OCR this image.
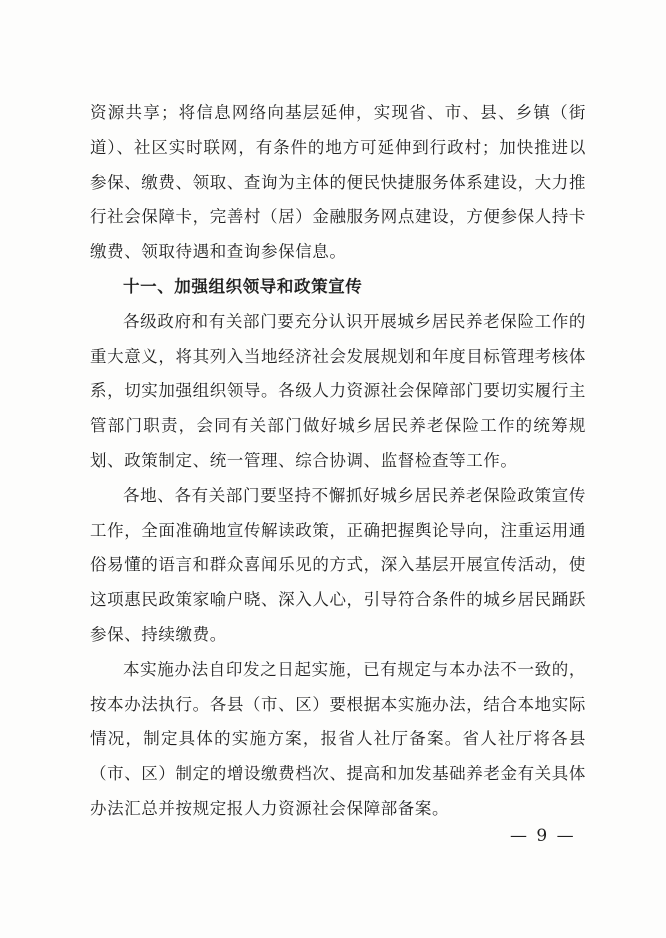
资源共享；将信息网络向基层延伸，实现省、市、县、乡镇（街道）、社区实时联网，有条件的地方可延伸到行政村；加快推进以参保、缴费、领取、查询为主体的便民快捷服务体系建设，大力推行社会保障卡，完善村（居）金融服务网点建设，方便参保人持卡缴费、领取待遇和查询参保信息。

十一、加强组织领导和政策宣传

各级政府和有关部门要充分认识开展城乡居民养老保险工作的重大意义，将其列入当地经济社会发展规划和年度目标管理考核体系，切实加强组织领导。各级人力资源社会保障部门要切实履行主管部门职责，会同有关部门做好城乡居民养老保险工作的统筹规划、政策制定、统一管理、综合协调、监督检查等工作。

各地、各有关部门要坚持不懈抓好城乡居民养老保险政策宣传工作，全面准确地宣传解读政策，正确把握舆论导向，注重运用通俗易懂的语言和群众喜闻乐见的方式，深入基层开展宣传活动，使这项惠民政策家喻户晓、深入人心，引导符合条件的城乡居民踊跃参保、持续缴费。

本实施办法自印发之日起实施，已有规定与本办法不一致的，按本办法执行。各县（市、区）要根据本实施办法，结合本地实际情况，制定具体的实施方案，报省人社厅备案。省人社厅将各县（市、区）制定的增设缴费档次、提高和加发基础养老金有关具体办法汇总并按规定报人力资源社会保障部备案。

— 9 —
